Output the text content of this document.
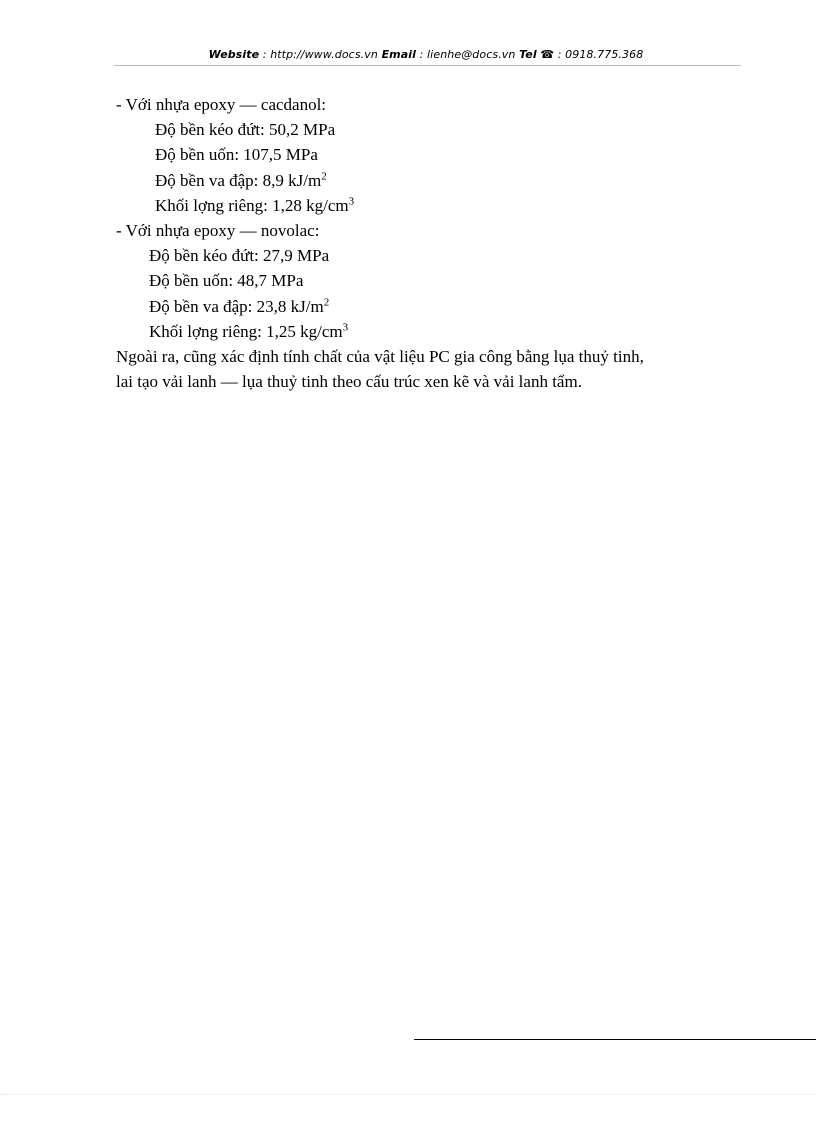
Website : http://www.docs.vn Email : lienhe@docs.vn Tel ☎ : 0918.775.368
- Với nhựa epoxy — cacdanol:
Độ bền kéo đứt: 50,2 MPa
Độ bền uốn: 107,5 MPa
Độ bền va đập: 8,9 $kJ/m^2$
Khối lợng riêng: 1,28 $kg/cm^3$
- Với nhựa epoxy — novolac:
Độ bền kéo đứt: 27,9 MPa
Độ bền uốn: 48,7 MPa
Độ bền va đập: 23,8 $kJ/m^2$
Khối lợng riêng: 1,25 $kg/cm^3$
Ngoài ra, cũng xác định tính chất của vật liệu PC gia công bằng lụa thuỷ tinh,
lai tạo vải lanh — lụa thuỷ tinh theo cấu trúc xen kẽ và vải lanh tẩm.
